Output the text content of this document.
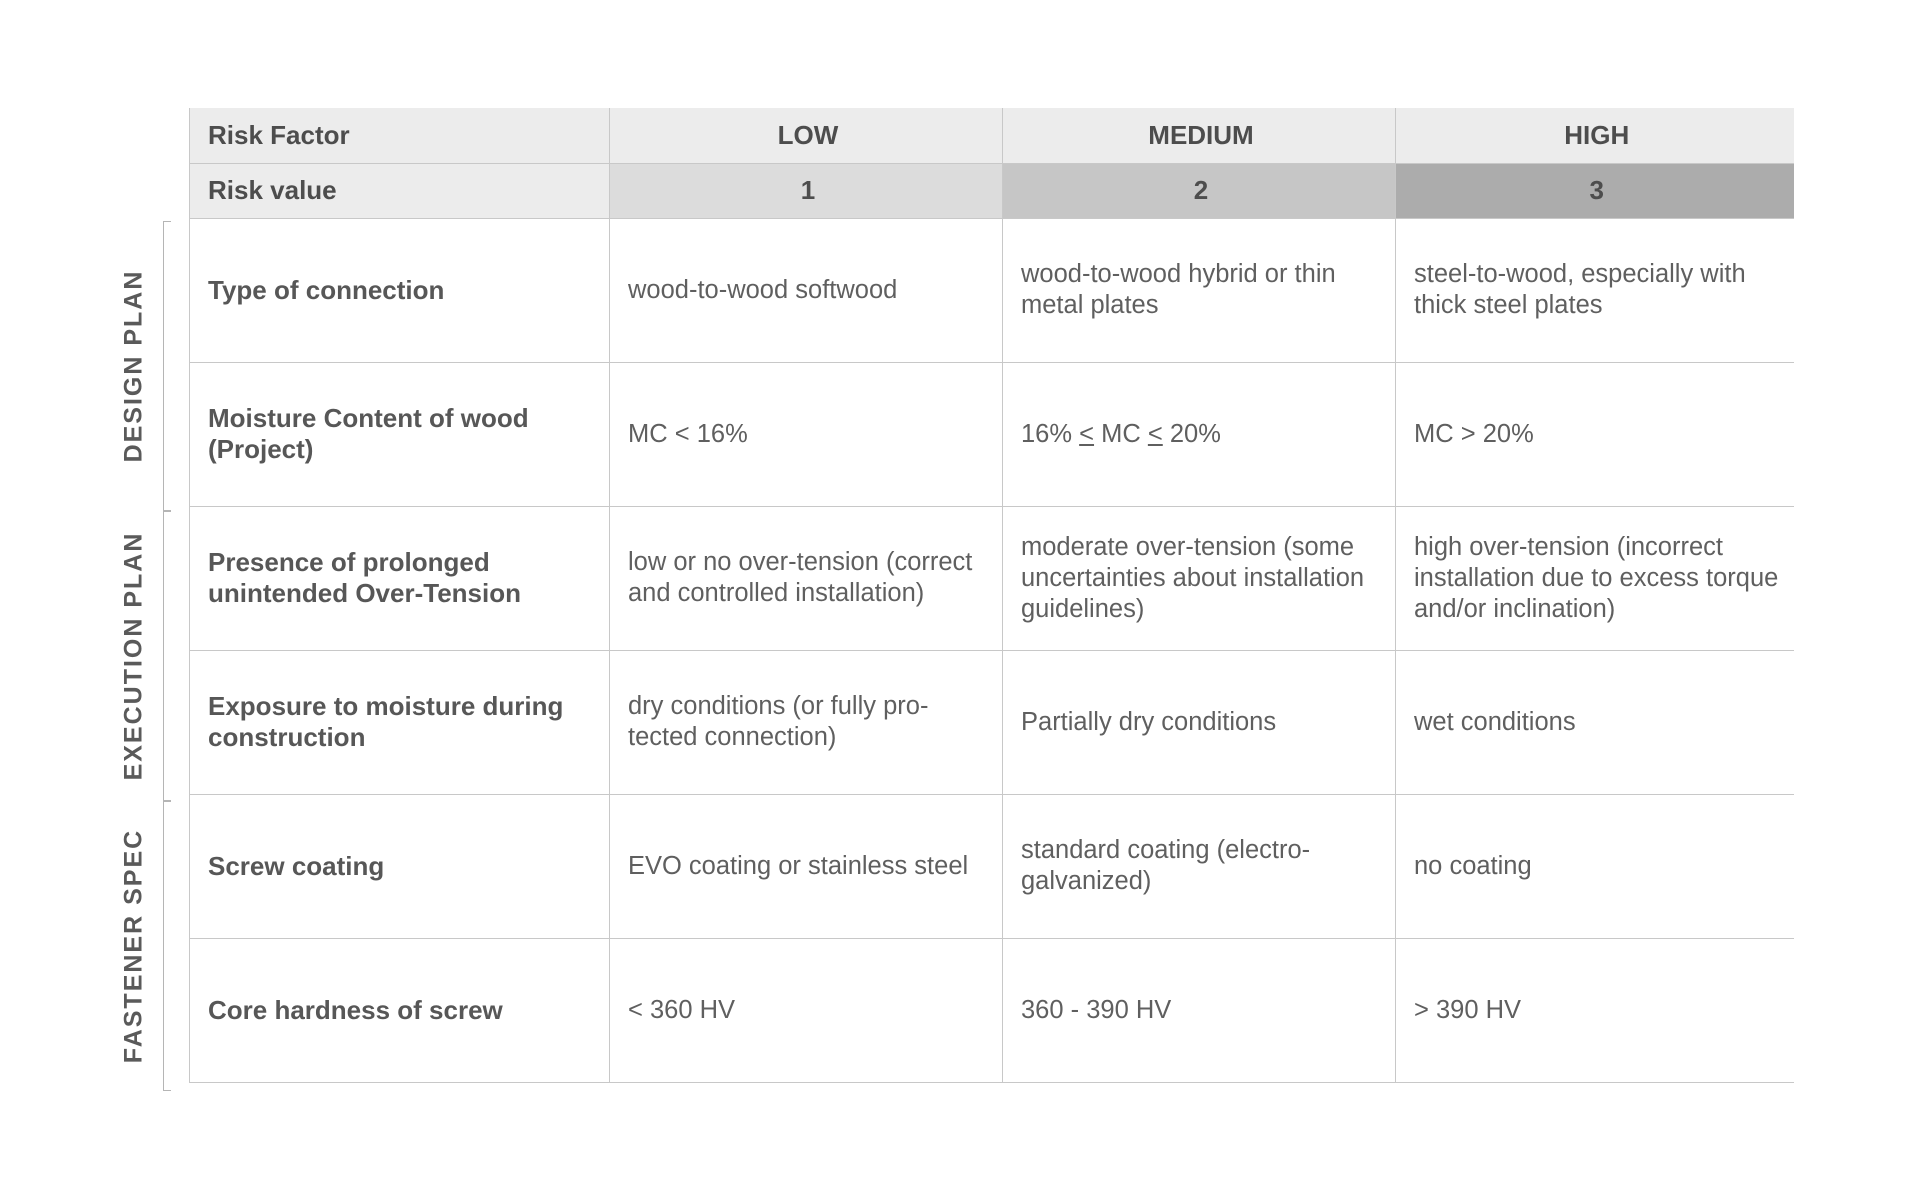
DESIGN PLAN
EXECUTION PLAN
FASTENER SPEC
Risk Factor	LOW	MEDIUM	HIGH
Risk value	1	2	3
Type of connection	wood-to-wood softwood	wood-to-wood hybrid or thin metal plates	steel-to-wood, especially with thick steel plates
Moisture Content of wood (Project)	MC < 16%	16% < MC < 20%	MC > 20%
Presence of prolonged unintended Over-Tension	low or no over-tension (correct and controlled installation)	moderate over-tension (some uncertainties about installation guidelines)	high over-tension (incorrect installation due to excess torque and/or inclination)
Exposure to moisture during construction	dry conditions (or fully pro-tected connection)	Partially dry conditions	wet conditions
Screw coating	EVO coating or stainless steel	standard coating (electro-galvanized)	no coating
Core hardness of screw	< 360 HV	360 - 390 HV	> 390 HV
